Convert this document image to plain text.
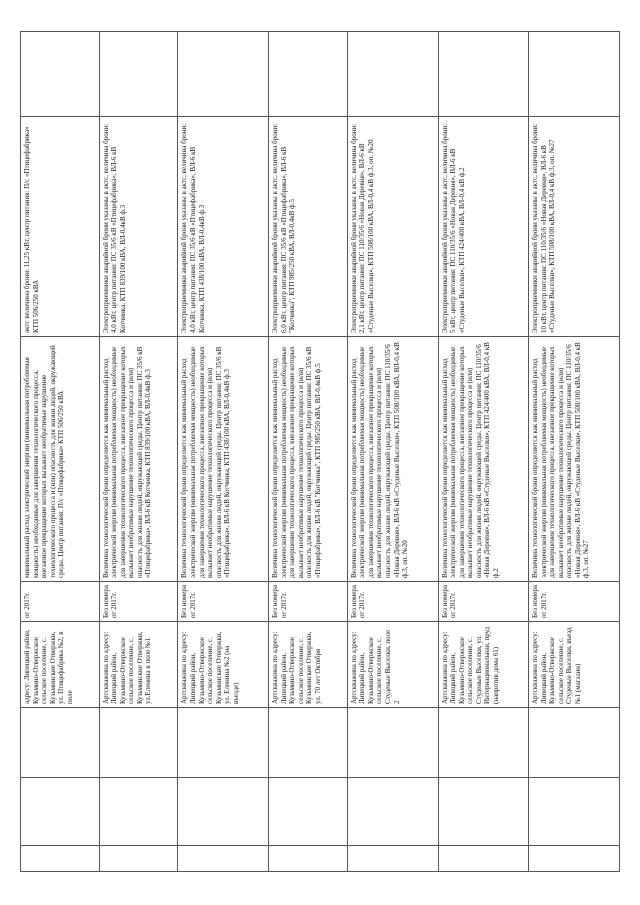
			адресу: Липецкий район, Кузьмино-Отвержское сельское поселение, с. Кузьминские Отвержки, ул. Птицефабрика №2, в поле	от 2017г.	минимальный расход электрической энергии (минимальная потребляемая мощность) необходимые для завершения технологического процесса, внезапное прекращение которых вызывает необратимые нарушение технологического процесса и (или) опасность для жизни людей, окружающей среды. Центр питания: П/с «Птицефабрика» КТП 506/250 кВА	актс величина брони: 11,25 кВт, центр питания: П/с «Птицефабрика» КТП 506/250 кВА	
			Артскважина по адресу: Липецкий район, Кузьмино-Отвержское сельское поселение, с. Кузьминские Отвержки, ул.Еленина в поле №1	Без номера от 2017г.	Величина технологической брони определяется как минимальный расход электрической энергии (минимальная потребляемая мощность) необходимые для завершения технологического процесса, внезапное прекращение которых вызывает необратимые нарушение технологического процесса и (или) опасность для жизни людей, окружающей среды. Центр питания: ПС 35/6 кВ «Птицефабрика», ВЛ-6 кВ Котчинка, КТП 839/100 кВА, ВЛ-0,4кВ ф.3	Электроприемники аварийной брони указаны в актс, величина брони: 4,0 кВт, центр питания: ПС 35/6 кВ «Птицефабрика», ВЛ-6 кВ Котчинка, КТП 839/100 кВА, ВЛ-0,4кВ ф.3	
			Артскважина по адресу: Липецкий район, Кузьмино-Отвержское сельское поселение, с. Кузьминские Отвержки, ул. Еленина №2 (на въезде)	Без номера от 2017г.	Величина технологической брони определяется как минимальный расход электрической энергии (минимальная потребляемая мощность) необходимые для завершения технологического процесса, внезапное прекращение которых вызывает необратимые нарушение технологического процесса и (или) опасность для жизни людей, окружающей среды. Центр питания: ПС 35/6 кВ «Птицефабрика», ВЛ-6 кВ Котчинка, КТП 438/100 кВА, ВЛ-0,4кВ ф.3	Электроприемники аварийной брони указаны в актс, величина брони: 4,0 кВт, центр питания: ПС 35/6 кВ «Птицефабрика», ВЛ-6 кВ Котчинка, КТП 438/100 кВА, ВЛ-0,4кВ ф.3	
			Артскважина по адресу: Липецкий район, Кузьмино-Отвержское сельское поселение, с. Кузьминские Отвержки, ул. 70 лет Октября	Без номера от 2017г.	Величина технологической брони определяется как минимальный расход электрической энергии (минимальная потребляемая мощность) необходимые для завершения технологического процесса, внезапное прекращение которых вызывает необратимые нарушение технологического процесса и (или) опасность для жизни людей, окружающей среды. Центр питания: ПС 35/6 кВ «Птицефабрика», ВЛ-6 кВ "Котчинка", КТП 985/250 кВА, ВЛ-0,4кВ ф.5	Электроприемники аварийной брони указаны в актс, величина брони: 6,0 кВт, центр питания: ПС 35/6 кВ «Птицефабрика», ВЛ-6 кВ "Котчинка", КТП 985/250 кВА, ВЛ-0,4кВ ф.5	
			Артскважина по адресу: Липецкий район, Кузьмино-Отвержское сельское поселение, с. Студеные Выселки, поле 2	Без номера от 2017г.	Величина технологической брони определяется как минимальный расход электрической энергии (минимальная потребляемая мощность) необходимые для завершения технологического процесса, внезапное прекращение которых вызывает необратимые нарушение технологического процесса и (или) опасность для жизни людей, окружающей среды. Центр питания: ПС 110/35/6 «Новая Деревня», ВЛ-6 кВ «Студеные Выселки», КТП 508/100 кВА, ВЛ-0,4 кВ ф.3, оп. №20	Электроприемники аварийной брони указаны в актс, величина брони: 2,1 кВт, центр питания: ПС 110/35/6 «Новая Деревня», ВЛ-6 кВ «Студеные Выселки», КТП 508/100 кВА, ВЛ-0,4 кВ ф.3, оп. №20	
			Артскважина по адресу: Липецкий район, Кузьмино-Отвержское сельское поселение, с. Студеные Выселки, ул. Интернациональная, пруд (напротив дома 61)	Без номера от 2017г.	Величина технологической брони определяется как минимальный расход электрической энергии (минимальная потребляемая мощность) необходимые для завершения технологического процесса, внезапное прекращение которых вызывает необратимые нарушение технологического процесса и (или) опасность для жизни людей, окружающей среды. Центр питания: ПС 110/35/6 «Новая Деревня», ВЛ-6 кВ «Студеные Выселки», КТП 424/400 кВА, ВЛ-0,4 кВ ф.2	Электроприемники аварийной брони указаны в актс, величина брони: 5 кВт, центр питания: ПС 110/35/6 «Новая Деревня», ВЛ-6 кВ «Студеные Выселки», КТП 424/400 кВА, ВЛ-0,4 кВ ф.2	
			Артскважина по адресу: Липецкий район, Кузьмино-Отвержское сельское поселение, с. Студеные Выселки, въезд №1 (магазин)	Без номера от 2017г.	Величина технологической брони определяется как минимальный расход электрической энергии (минимальная потребляемая мощность) необходимые для завершения технологического процесса, внезапное прекращение которых вызывает необратимые нарушение технологического процесса и (или) опасность для жизни людей, окружающей среды. Центр питания: ПС 110/35/6 «Новая Деревня», ВЛ-6 кВ «Студеные Выселки», КТП 508/100 кВА, ВЛ-0,4 кВ ф.3, оп. №27	Электроприемники аварийной брони указаны в актс, величина брони: 10 кВт, центр питания: ПС 110/35/6 «Новая Деревня», ВЛ-6 кВ «Студеные Выселки», КТП 508/100 кВА, ВЛ-0,4 кВ ф.3, оп. №27	
